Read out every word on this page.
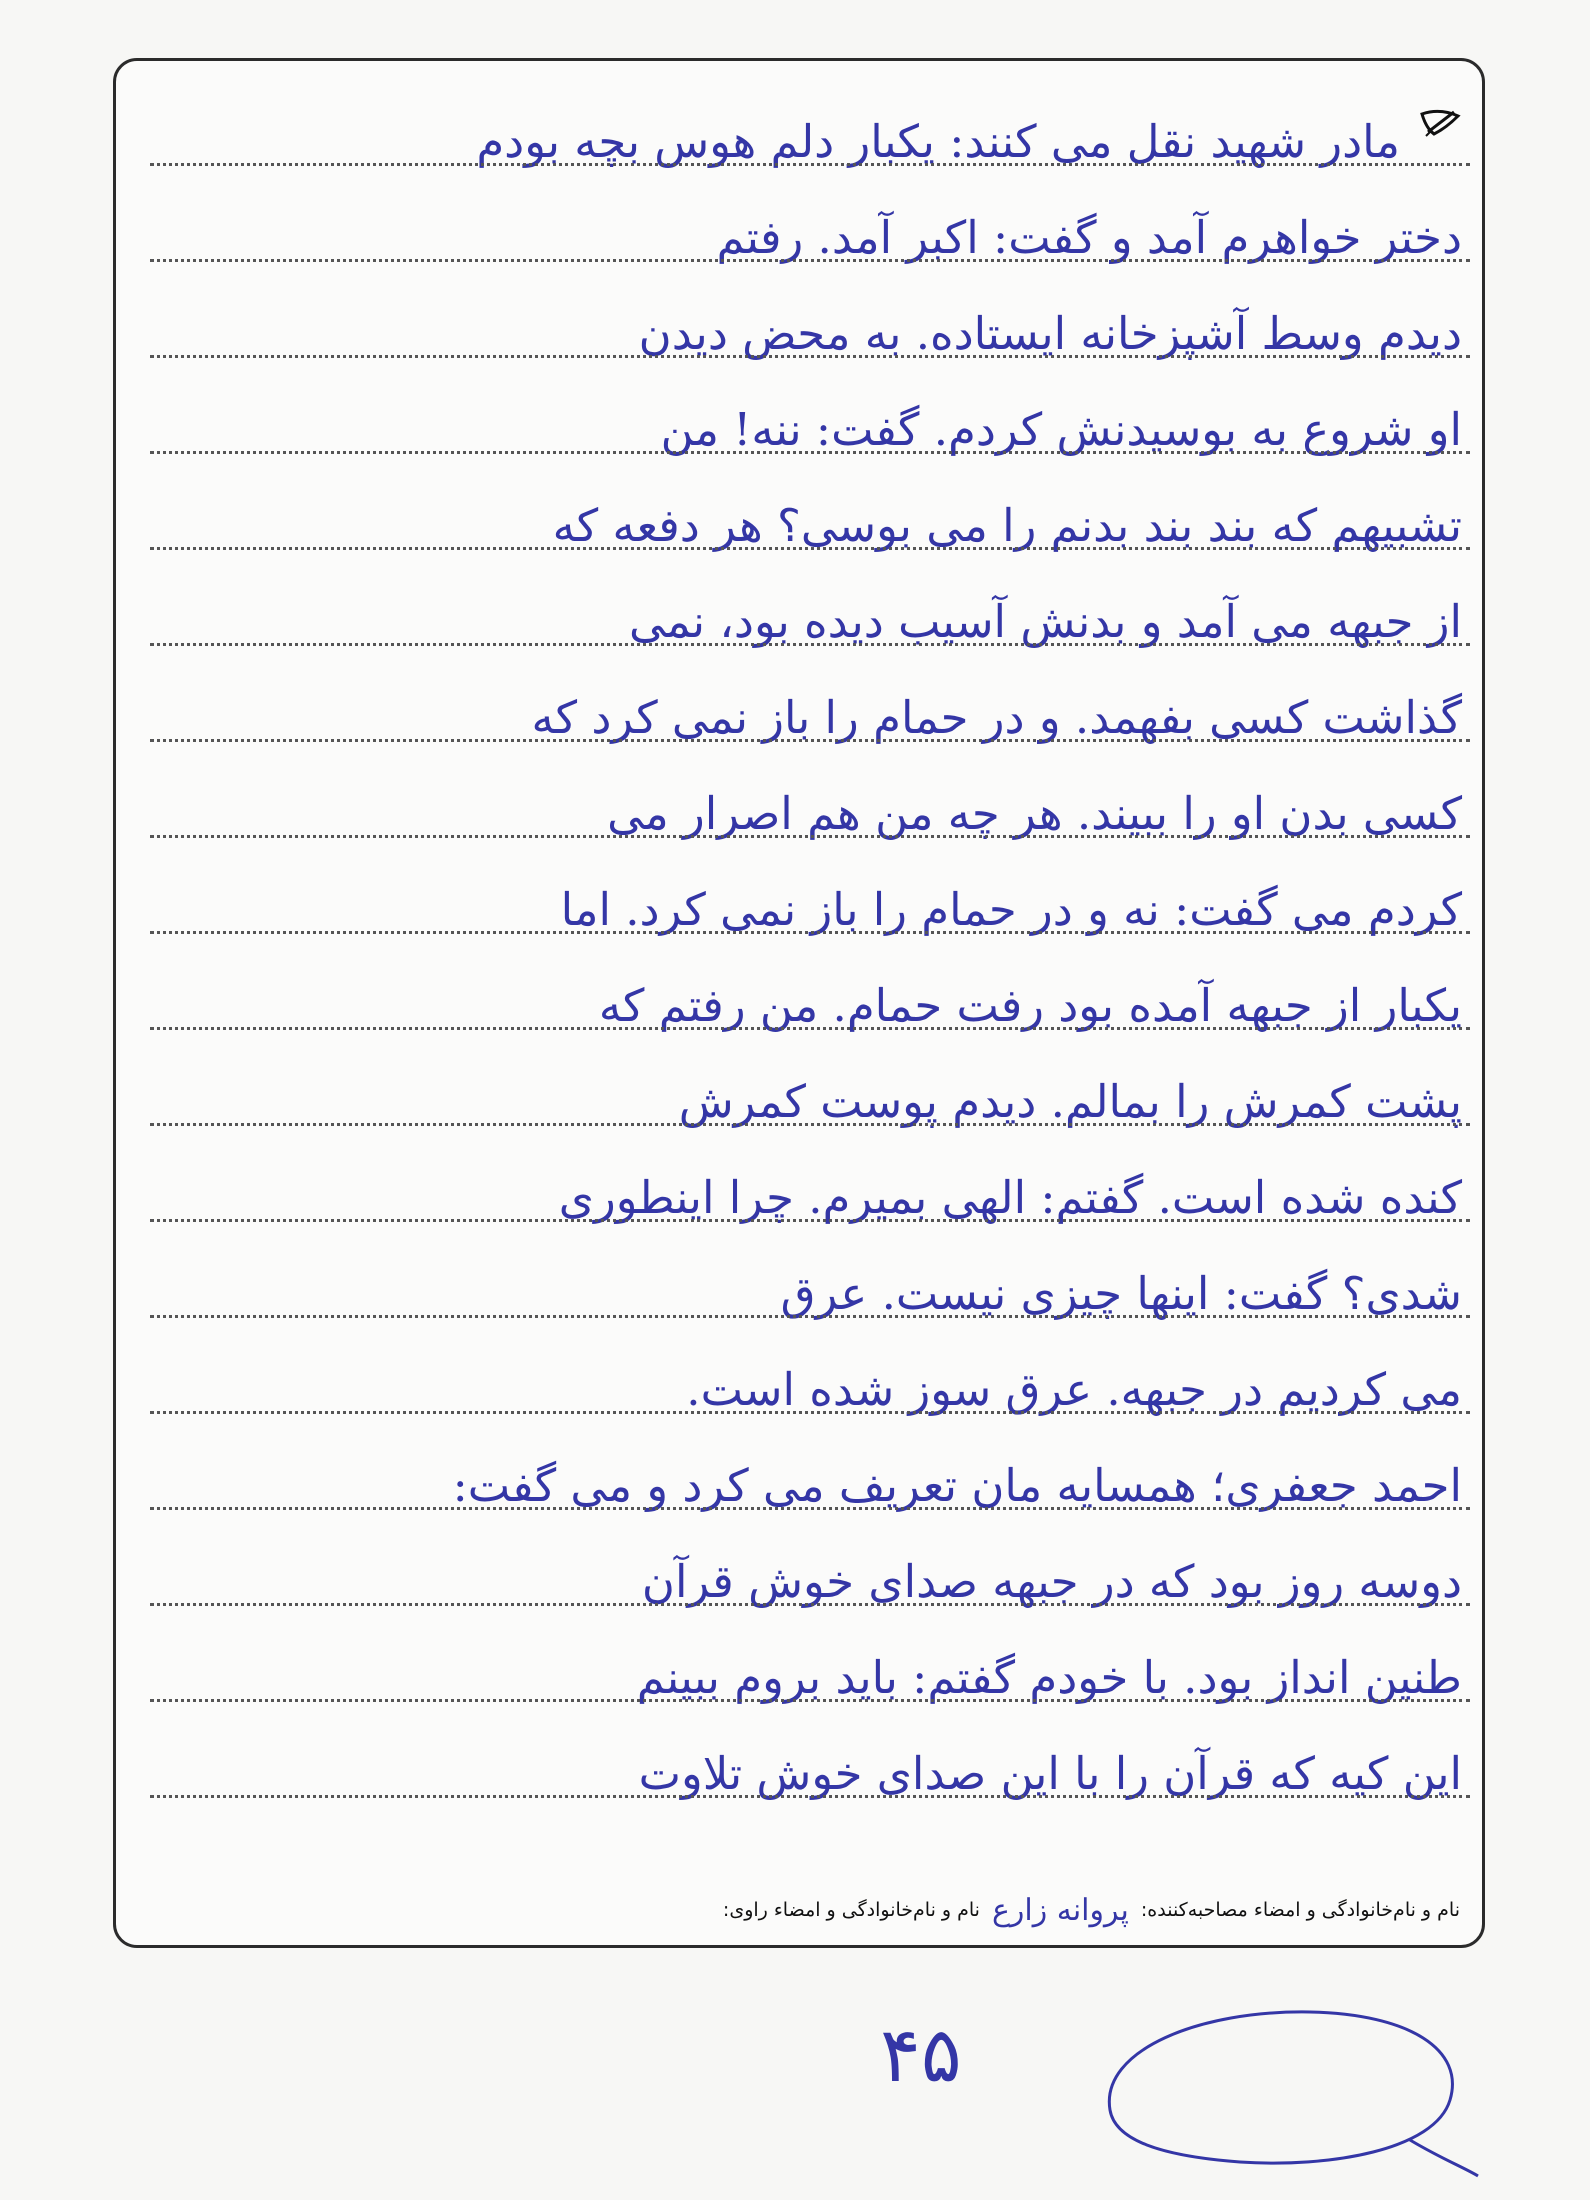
مادر شهید نقل می کنند: یکبار دلم هوس بچه بودم
دختر خواهرم آمد و گفت: اکبر آمد. رفتم
دیدم وسط آشپزخانه ایستاده. به محض دیدن
او شروع به بوسیدنش کردم. گفت: ننه! من
تشبیهم که بند بند بدنم را می بوسی؟ هر دفعه که
از جبهه می آمد و بدنش آسیب دیده بود، نمی
گذاشت کسی بفهمد. و در حمام را باز نمی کرد که
کسی بدن او را ببیند. هر چه من هم اصرار می
کردم می گفت: نه و در حمام را باز نمی کرد. اما
یکبار از جبهه آمده بود رفت حمام. من رفتم که
پشت کمرش را بمالم. دیدم پوست کمرش
کنده شده است. گفتم: الهی بمیرم. چرا اینطوری
شدی؟ گفت: اینها چیزی نیست. عرق
می کردیم در جبهه. عرق سوز شده است.
احمد جعفری؛ همسایه مان تعریف می کرد و می گفت:
دوسه روز بود که در جبهه صدای خوش قرآن
طنین انداز بود. با خودم گفتم: باید بروم ببینم
این کیه که قرآن را با این صدای خوش تلاوت
نام و نام‌خانوادگی و امضاء مصاحبه‌کننده:
پروانه زارع
نام و نام‌خانوادگی و امضاء راوی:
۴۵
